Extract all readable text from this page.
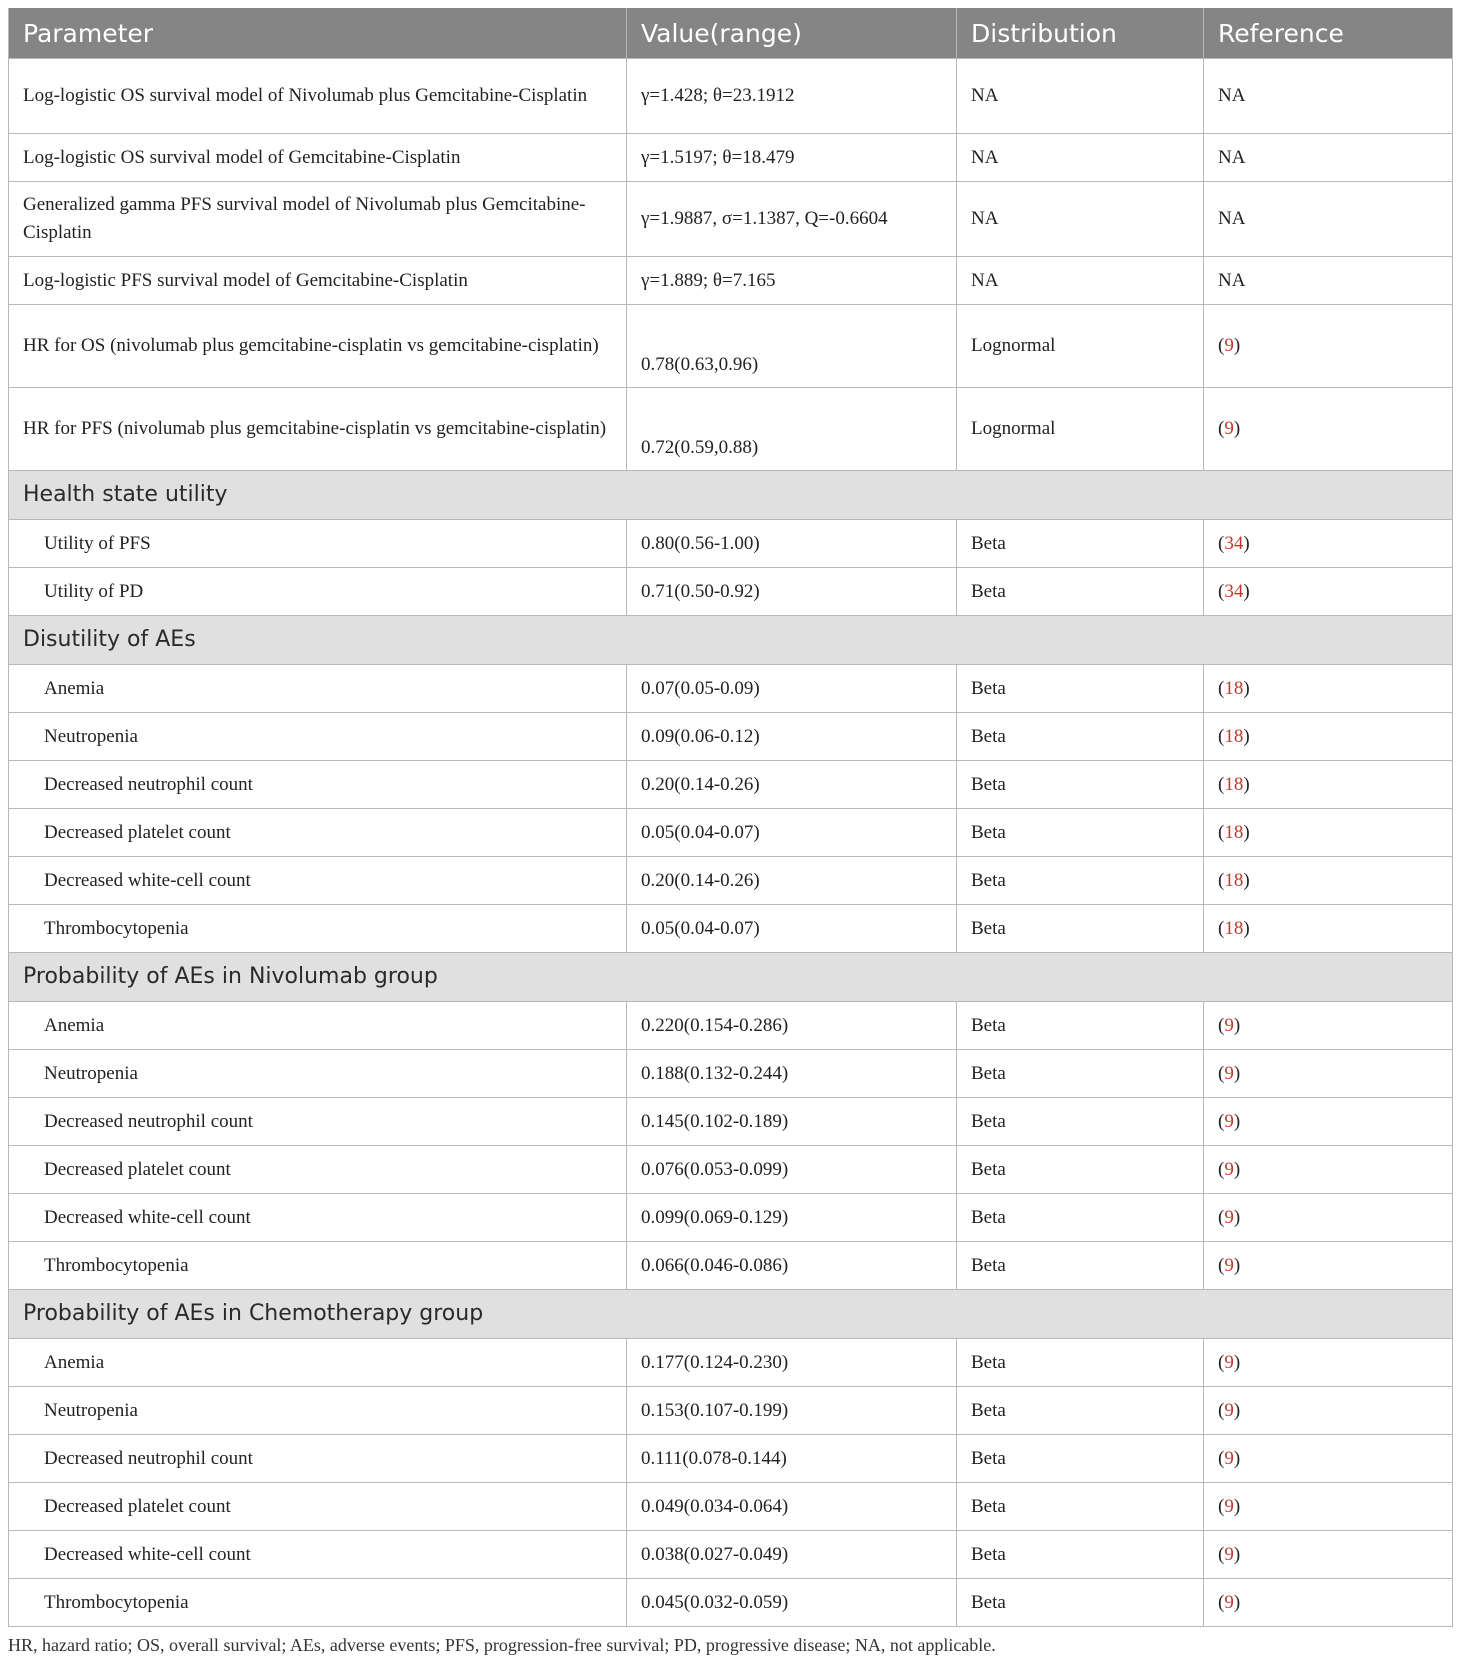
Parameter	Value(range)	Distribution	Reference
Log-logistic OS survival model of Nivolumab plus Gemcitabine-Cisplatin	γ=1.428; θ=23.1912	NA	NA
Log-logistic OS survival model of Gemcitabine-Cisplatin	γ=1.5197; θ=18.479	NA	NA
Generalized gamma PFS survival model of Nivolumab plus Gemcitabine-Cisplatin	γ=1.9887, σ=1.1387, Q=-0.6604	NA	NA
Log-logistic PFS survival model of Gemcitabine-Cisplatin	γ=1.889; θ=7.165	NA	NA
HR for OS (nivolumab plus gemcitabine-cisplatin vs gemcitabine-cisplatin)	0.78(0.63,0.96)	Lognormal	(9)
HR for PFS (nivolumab plus gemcitabine-cisplatin vs gemcitabine-cisplatin)	0.72(0.59,0.88)	Lognormal	(9)
Health state utility			
Utility of PFS	0.80(0.56-1.00)	Beta	(34)
Utility of PD	0.71(0.50-0.92)	Beta	(34)
Disutility of AEs			
Anemia	0.07(0.05-0.09)	Beta	(18)
Neutropenia	0.09(0.06-0.12)	Beta	(18)
Decreased neutrophil count	0.20(0.14-0.26)	Beta	(18)
Decreased platelet count	0.05(0.04-0.07)	Beta	(18)
Decreased white-cell count	0.20(0.14-0.26)	Beta	(18)
Thrombocytopenia	0.05(0.04-0.07)	Beta	(18)
Probability of AEs in Nivolumab group			
Anemia	0.220(0.154-0.286)	Beta	(9)
Neutropenia	0.188(0.132-0.244)	Beta	(9)
Decreased neutrophil count	0.145(0.102-0.189)	Beta	(9)
Decreased platelet count	0.076(0.053-0.099)	Beta	(9)
Decreased white-cell count	0.099(0.069-0.129)	Beta	(9)
Thrombocytopenia	0.066(0.046-0.086)	Beta	(9)
Probability of AEs in Chemotherapy group			
Anemia	0.177(0.124-0.230)	Beta	(9)
Neutropenia	0.153(0.107-0.199)	Beta	(9)
Decreased neutrophil count	0.111(0.078-0.144)	Beta	(9)
Decreased platelet count	0.049(0.034-0.064)	Beta	(9)
Decreased white-cell count	0.038(0.027-0.049)	Beta	(9)
Thrombocytopenia	0.045(0.032-0.059)	Beta	(9)
HR, hazard ratio; OS, overall survival; AEs, adverse events; PFS, progression-free survival; PD, progressive disease; NA, not applicable.
